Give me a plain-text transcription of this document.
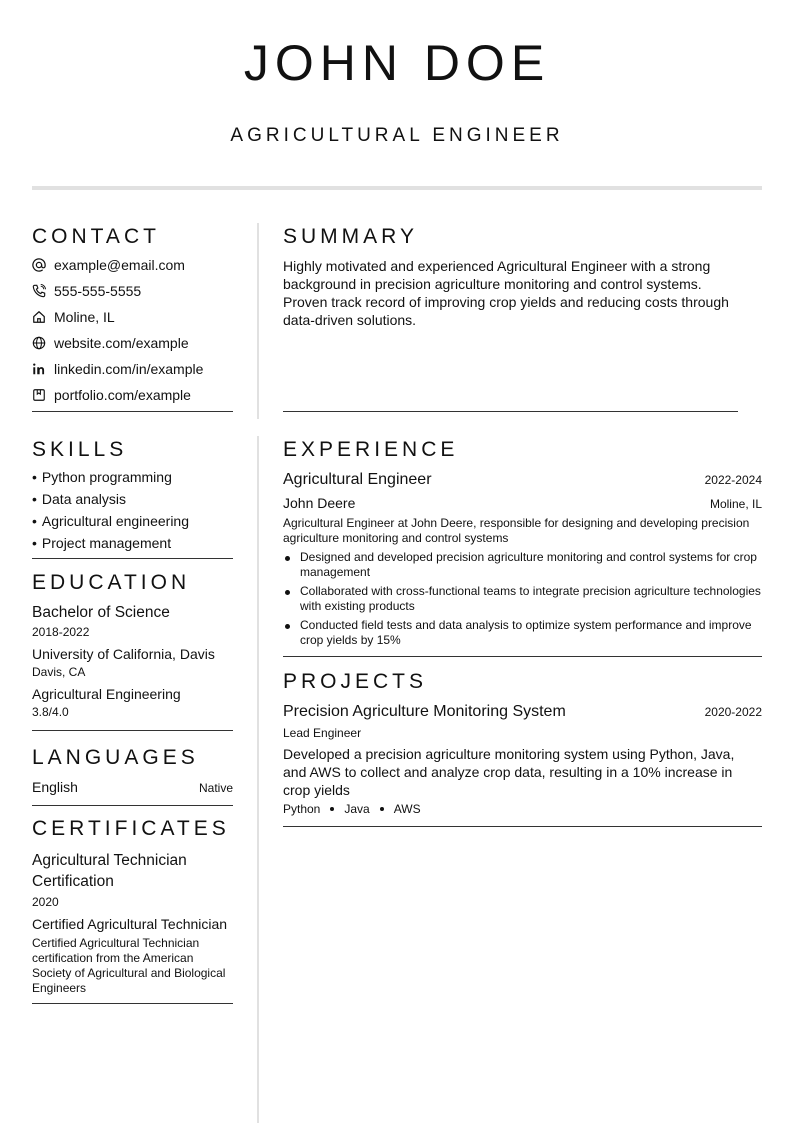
JOHN DOE
AGRICULTURAL ENGINEER
CONTACT
example@email.com
555-555-5555
Moline, IL
website.com/example
linkedin.com/in/example
portfolio.com/example
SKILLS
• Python programming
• Data analysis
• Agricultural engineering
• Project management
EDUCATION
Bachelor of Science
2018-2022
University of California, Davis
Davis, CA
Agricultural Engineering
3.8/4.0
LANGUAGES
English	Native
CERTIFICATES
Agricultural Technician Certification
2020
Certified Agricultural Technician
Certified Agricultural Technician certification from the American Society of Agricultural and Biological Engineers
SUMMARY
Highly motivated and experienced Agricultural Engineer with a strong background in precision agriculture monitoring and control systems. Proven track record of improving crop yields and reducing costs through data-driven solutions.
EXPERIENCE
Agricultural Engineer	2022-2024
John Deere	Moline, IL
Agricultural Engineer at John Deere, responsible for designing and developing precision agriculture monitoring and control systems
Designed and developed precision agriculture monitoring and control systems for crop management
Collaborated with cross-functional teams to integrate precision agriculture technologies with existing products
Conducted field tests and data analysis to optimize system performance and improve crop yields by 15%
PROJECTS
Precision Agriculture Monitoring System	2020-2022
Lead Engineer
Developed a precision agriculture monitoring system using Python, Java, and AWS to collect and analyze crop data, resulting in a 10% increase in crop yields
Python Java AWS
